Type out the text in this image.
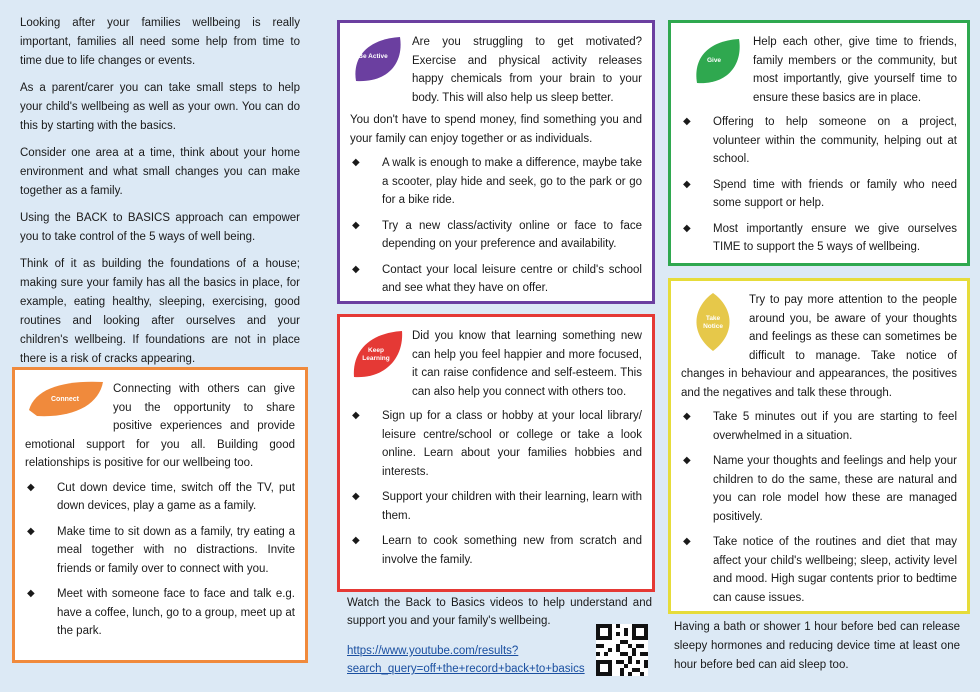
Looking after your families wellbeing is really important, families all need some help from time to time due to life changes or events.

As a parent/carer you can take small steps to help your child's wellbeing as well as your own. You can do this by starting with the basics.

Consider one area at a time, think about your home environment and what small changes you can make together as a family.

Using the BACK to BASICS approach can empower you to take control of the 5 ways of well being.

Think of it as building the foundations of a house; making sure your family has all the basics in place, for example, eating healthy, sleeping, exercising, good routines and looking after ourselves and your children's wellbeing. If foundations are not in place there is a risk of cracks appearing.

Connect

Connecting with others can give you the opportunity to share positive experiences and provide emotional support for you all. Building good relationships is positive for our wellbeing too.

◆ Cut down device time, switch off the TV, put down devices, play a game as a family.
◆ Make time to sit down as a family, try eating a meal together with no distractions. Invite friends or family over to connect with you.
◆ Meet with someone face to face and talk e.g. have a coffee, lunch, go to a group, meet up at the park.
Be Active

Are you struggling to get motivated? Exercise and physical activity releases happy chemicals from your brain to your body. This will also help us sleep better.

You don't have to spend money, find something you and your family can enjoy together or as individuals.

◆ A walk is enough to make a difference, maybe take a scooter, play hide and seek, go to the park or go for a bike ride.
◆ Try a new class/activity online or face to face depending on your preference and availability.
◆ Contact your local leisure centre or child's school and see what they have on offer.
Keep Learning

Did you know that learning something new can help you feel happier and more focused, it can raise confidence and self-esteem. This can also help you connect with others too.

◆ Sign up for a class or hobby at your local library/ leisure centre/school or college or take a look online. Learn about your families hobbies and interests.
◆ Support your children with their learning, learn with them.
◆ Learn to cook something new from scratch and involve the family.

Watch the Back to Basics videos to help understand and support you and your family's wellbeing.

https://www.youtube.com/results?
search_query=off+the+record+back+to+basics
Give

Help each other, give time to friends, family members or the community, but most importantly, give yourself time to ensure these basics are in place.

◆ Offering to help someone on a project, volunteer within the community, helping out at school.
◆ Spend time with friends or family who need some support or help.
◆ Most importantly ensure we give ourselves TIME to support the 5 ways of wellbeing.
Take Notice

Try to pay more attention to the people around you, be aware of your thoughts and feelings as these can sometimes be difficult to manage. Take notice of changes in behaviour and appearances, the positives and the negatives and talk these through.

◆ Take 5 minutes out if you are starting to feel overwhelmed in a situation.
◆ Name your thoughts and feelings and help your children to do the same, these are natural and you can role model how these are managed positively.
◆ Take notice of the routines and diet that may affect your child's wellbeing; sleep, activity level and mood. High sugar contents prior to bedtime can cause issues.

Having a bath or shower 1 hour before bed can release sleepy hormones and reducing device time at least one hour before bed can aid sleep too.
